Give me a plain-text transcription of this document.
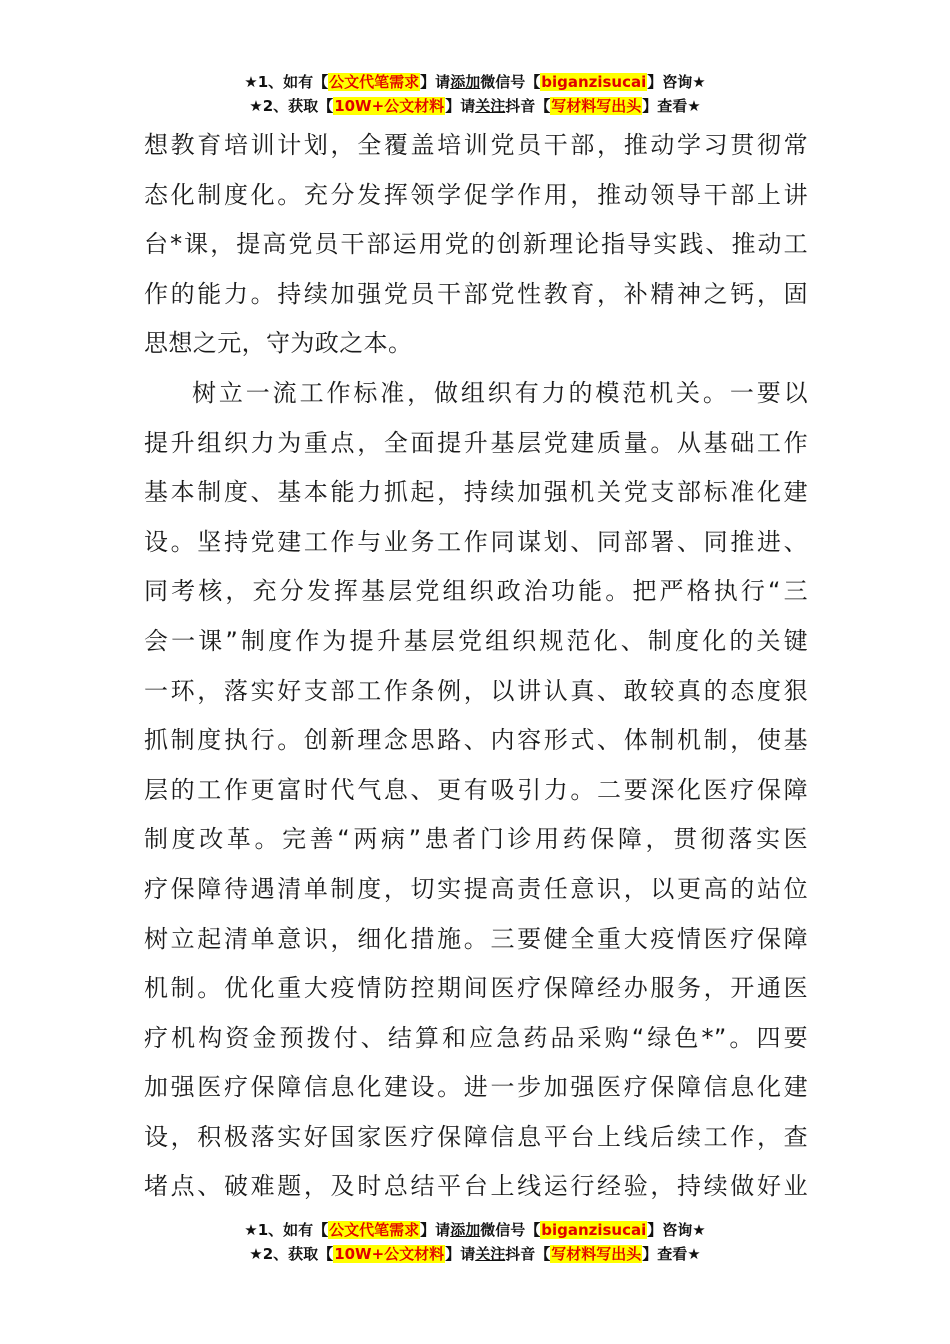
★1、如有【公文代笔需求】请添加微信号【biganzisucai】咨询★
★2、获取【10W+公文材料】请关注抖音【写材料写出头】查看★
想教育培训计划，全覆盖培训党员干部，推动学习贯彻常
态化制度化。充分发挥领学促学作用，推动领导干部上讲
台*课，提高党员干部运用党的创新理论指导实践、推动工
作的能力。持续加强党员干部党性教育，补精神之钙，固
思想之元，守为政之本。
树立一流工作标准，做组织有力的模范机关。一要以
提升组织力为重点，全面提升基层党建质量。从基础工作
基本制度、基本能力抓起，持续加强机关党支部标准化建
设。坚持党建工作与业务工作同谋划、同部署、同推进、
同考核，充分发挥基层党组织政治功能。把严格执行“三
会一课”制度作为提升基层党组织规范化、制度化的关键
一环，落实好支部工作条例，以讲认真、敢较真的态度狠
抓制度执行。创新理念思路、内容形式、体制机制，使基
层的工作更富时代气息、更有吸引力。二要深化医疗保障
制度改革。完善“两病”患者门诊用药保障，贯彻落实医
疗保障待遇清单制度，切实提高责任意识，以更高的站位
树立起清单意识，细化措施。三要健全重大疫情医疗保障
机制。优化重大疫情防控期间医疗保障经办服务，开通医
疗机构资金预拨付、结算和应急药品采购“绿色*”。四要
加强医疗保障信息化建设。进一步加强医疗保障信息化建
设，积极落实好国家医疗保障信息平台上线后续工作，查
堵点、破难题，及时总结平台上线运行经验，持续做好业
★1、如有【公文代笔需求】请添加微信号【biganzisucai】咨询★
★2、获取【10W+公文材料】请关注抖音【写材料写出头】查看★
